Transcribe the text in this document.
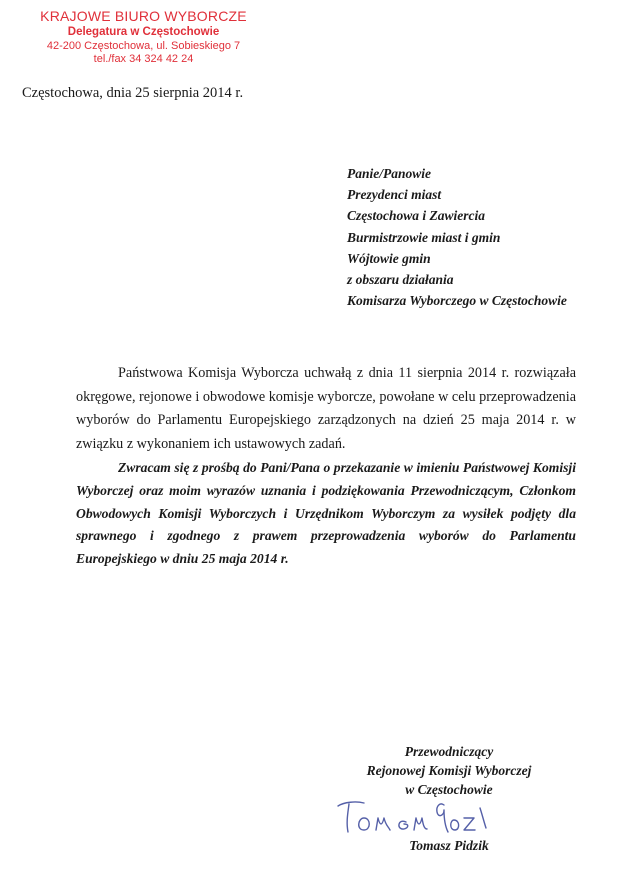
KRAJOWE BIURO WYBORCZE
Delegatura w Częstochowie
42-200 Częstochowa, ul. Sobieskiego 7
tel./fax 34 324 42 24
Częstochowa, dnia 25 sierpnia 2014 r.
Panie/Panowie
Prezydenci miast
Częstochowa i Zawiercia
Burmistrzowie miast i gmin
Wójtowie gmin
z obszaru działania
Komisarza Wyborczego w Częstochowie

Państwowa Komisja Wyborcza uchwałą z dnia 11 sierpnia 2014 r. rozwiązała okręgowe, rejonowe i obwodowe komisje wyborcze, powołane w celu przeprowadzenia wyborów do Parlamentu Europejskiego zarządzonych na dzień 25 maja 2014 r. w związku z wykonaniem ich ustawowych zadań.

Zwracam się z prośbą do Pani/Pana o przekazanie w imieniu Państwowej Komisji Wyborczej oraz moim wyrazów uznania i podziękowania Przewodniczącym, Członkom Obwodowych Komisji Wyborczych i Urzędnikom Wyborczym za wysiłek podjęty dla sprawnego i zgodnego z prawem przeprowadzenia wyborów do Parlamentu Europejskiego w dniu 25 maja 2014 r.

Przewodniczący
Rejonowej Komisji Wyborczej
w Częstochowie
Tomasz Pidzik
